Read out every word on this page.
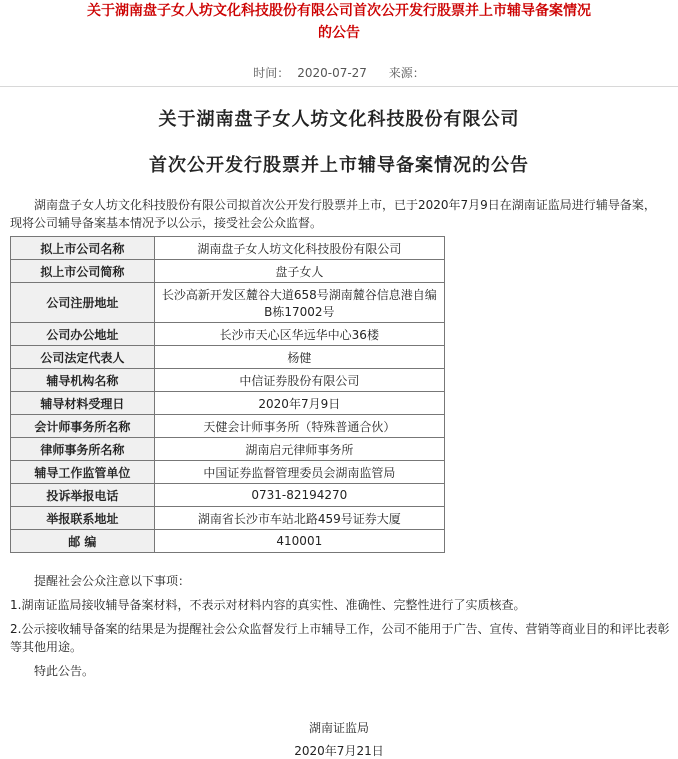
关于湖南盘子女人坊文化科技股份有限公司首次公开发行股票并上市辅导备案情况
的公告
时间： 2020-07-27 来源：
关于湖南盘子女人坊文化科技股份有限公司
首次公开发行股票并上市辅导备案情况的公告

湖南盘子女人坊文化科技股份有限公司拟首次公开发行股票并上市，已于2020年7月9日在湖南证监局进行辅导备案，现将公司辅导备案基本情况予以公示，接受社会公众监督。

拟上市公司名称	湖南盘子女人坊文化科技股份有限公司
拟上市公司简称	盘子女人
公司注册地址	长沙高新开发区麓谷大道658号湖南麓谷信息港自编B栋17002号
公司办公地址	长沙市天心区华远华中心36楼
公司法定代表人	杨健
辅导机构名称	中信证券股份有限公司
辅导材料受理日	2020年7月9日
会计师事务所名称	天健会计师事务所（特殊普通合伙）
律师事务所名称	湖南启元律师事务所
辅导工作监管单位	中国证券监督管理委员会湖南监管局
投诉举报电话	0731-82194270
举报联系地址	湖南省长沙市车站北路459号证券大厦
邮 编	410001

提醒社会公众注意以下事项：

1.湖南证监局接收辅导备案材料，不表示对材料内容的真实性、准确性、完整性进行了实质核查。

2.公示接收辅导备案的结果是为提醒社会公众监督发行上市辅导工作，公司不能用于广告、宣传、营销等商业目的和评比表彰等其他用途。

特此公告。

湖南证监局
2020年7月21日
